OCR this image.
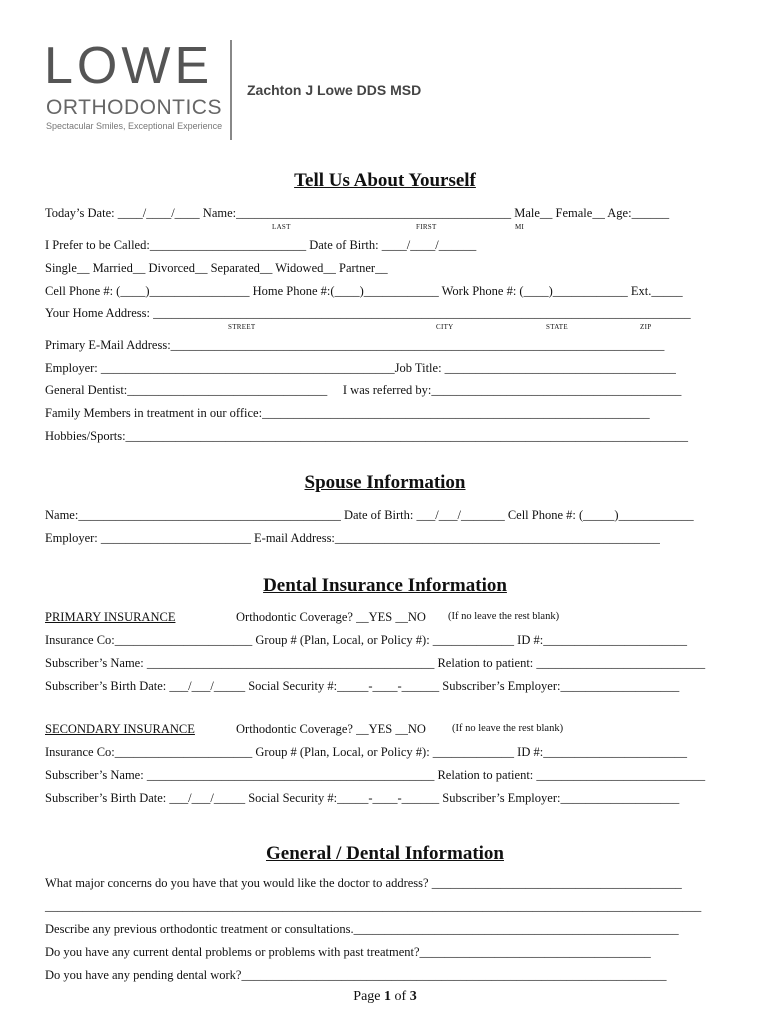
LOWE
ORTHODONTICS
Spectacular Smiles, Exceptional Experience
Zachton J Lowe DDS MSD
Tell Us About Yourself
Today’s Date: ____/____/____ Name:____________________________________________ Male__ Female__ Age:______
LAST	FIRST	MI
I Prefer to be Called:_________________________ Date of Birth: ____/____/______
Single__ Married__ Divorced__ Separated__ Widowed__ Partner__
Cell Phone #: (____)________________ Home Phone #:(____)____________ Work Phone #: (____)____________ Ext._____
Your Home Address: ______________________________________________________________________________________
STREET	CITY	STATE	ZIP
Primary E-Mail Address:_______________________________________________________________________________
Employer: _______________________________________________Job Title: _____________________________________
General Dentist:________________________________     I was referred by:________________________________________
Family Members in treatment in our office:______________________________________________________________
Hobbies/Sports:__________________________________________________________________________________________
Spouse Information
Name:__________________________________________ Date of Birth: ___/___/_______ Cell Phone #: (_____)____________
Employer: ________________________ E-mail Address:____________________________________________________
Dental Insurance Information
PRIMARY INSURANCE	Orthodontic Coverage? __YES __NO (If no leave the rest blank)
Insurance Co:______________________ Group # (Plan, Local, or Policy #): _____________ ID #:_______________________
Subscriber’s Name: ______________________________________________ Relation to patient: ___________________________
Subscriber’s Birth Date: ___/___/_____ Social Security #:_____-____-______ Subscriber’s Employer:___________________
SECONDARY INSURANCE	Orthodontic Coverage? __YES __NO (If no leave the rest blank)
Insurance Co:______________________ Group # (Plan, Local, or Policy #): _____________ ID #:_______________________
Subscriber’s Name: ______________________________________________ Relation to patient: ___________________________
Subscriber’s Birth Date: ___/___/_____ Social Security #:_____-____-______ Subscriber’s Employer:___________________
General / Dental Information
What major concerns do you have that you would like the doctor to address? ________________________________________
_________________________________________________________________________________________________________
Describe any previous orthodontic treatment or consultations.____________________________________________________
Do you have any current dental problems or problems with past treatment?_____________________________________
Do you have any pending dental work?____________________________________________________________________
Page 1 of 3
